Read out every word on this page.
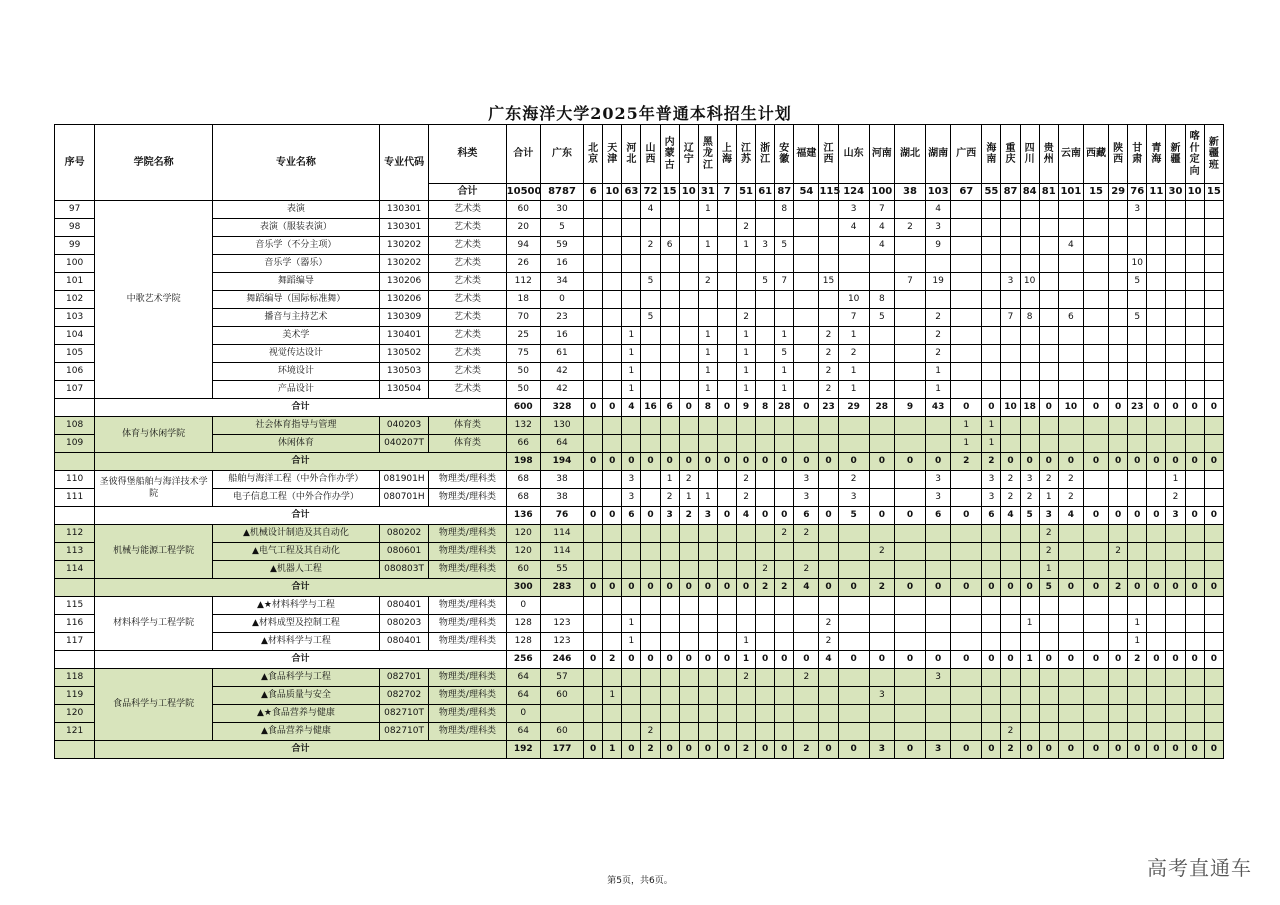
广东海洋大学2025年普通本科招生计划
序号	学院名称	专业名称	专业代码	科类	合计	广东	北京	天津	河北	山西	内蒙古	辽宁	黑龙江	上海	江苏	浙江	安徽	福建	江西	山东	河南	湖北	湖南	广西	海南	重庆	四川	贵州	云南	西藏	陕西	甘肃	青海	新疆	喀什定向	新疆班
				合计	10500	8787	6	10	63	72	15	10	31	7	51	61	87	54	115	124	100	38	103	67	55	87	84	81	101	15	29	76	11	30	10	15
97	中歌艺术学院	表演	130301	艺术类	60	30				4			1				8			3	7		4									3				
98		表演（服装表演）	130301	艺术类	20	5									2					4	4	2	3													
99		音乐学（不分主项）	130202	艺术类	94	59				2	6		1		1	3	5				4		9						4							
100		音乐学（器乐）	130202	艺术类	26	16																										10				
101		舞蹈编导	130206	艺术类	112	34				5			2			5	7		15			7	19			3	10					5				
102		舞蹈编导（国际标准舞）	130206	艺术类	18	0														10	8															
103		播音与主持艺术	130309	艺术类	70	23				5					2					7	5		2			7	8		6			5				
104		美术学	130401	艺术类	25	16			1				1		1		1		2	1			2													
105		视觉传达设计	130502	艺术类	75	61			1				1		1		5		2	2			2													
106		环境设计	130503	艺术类	50	42			1				1		1		1		2	1			1													
107		产品设计	130504	艺术类	50	42			1				1		1		1		2	1			1													
	合计				600	328	0	0	4	16	6	0	8	0	9	8	28	0	23	29	28	9	43	0	0	10	18	0	10	0	0	23	0	0	0	0
108	体育与休闲学院	社会体育指导与管理	040203	体育类	132	130																		1	1											
109		休闲体育	040207T	体育类	66	64																		1	1											
	合计				198	194	0	0	0	0	0	0	0	0	0	0	0	0	0	0	0	0	0	2	2	0	0	0	0	0	0	0	0	0	0	0
110	圣彼得堡船舶与海洋技术学院	船舶与海洋工程（中外合作办学）	081901H	物理类/理科类	68	38			3		1	2			2			3		2			3		3	2	3	2	2					1		
111		电子信息工程（中外合作办学）	080701H	物理类/理科类	68	38			3		2	1	1		2			3		3			3		3	2	2	1	2					2		
	合计				136	76	0	0	6	0	3	2	3	0	4	0	0	6	0	5	0	0	6	0	6	4	5	3	4	0	0	0	0	3	0	0
112	机械与能源工程学院	▲机械设计制造及其自动化	080202	物理类/理科类	120	114											2	2										2								
113		▲电气工程及其自动化	080601	物理类/理科类	120	114															2							2			2					
114		▲机器人工程	080803T	物理类/理科类	60	55										2		2										1								
	合计				300	283	0	0	0	0	0	0	0	0	0	2	2	4	0	0	2	0	0	0	0	0	0	5	0	0	2	0	0	0	0	0
115	材料科学与工程学院	▲★材料科学与工程	080401	物理类/理科类	0																															
116		▲材料成型及控制工程	080203	物理类/理科类	128	123			1										2								1					1				
117		▲材料科学与工程	080401	物理类/理科类	128	123			1						1				2													1				
	合计				256	246	0	2	0	0	0	0	0	0	1	0	0	0	4	0	0	0	0	0	0	0	1	0	0	0	0	2	0	0	0	0
118	食品科学与工程学院	▲食品科学与工程	082701	物理类/理科类	64	57									2			2					3													
119		▲食品质量与安全	082702	物理类/理科类	64	60		1													3															
120		▲★食品营养与健康	082710T	物理类/理科类	0																															
121		▲食品营养与健康	082710T	物理类/理科类	64	60				2																2										
	合计				192	177	0	1	0	2	0	0	0	0	2	0	0	2	0	0	3	0	3	0	0	2	0	0	0	0	0	0	0	0	0	0
第5页，共6页。
高考直通车
